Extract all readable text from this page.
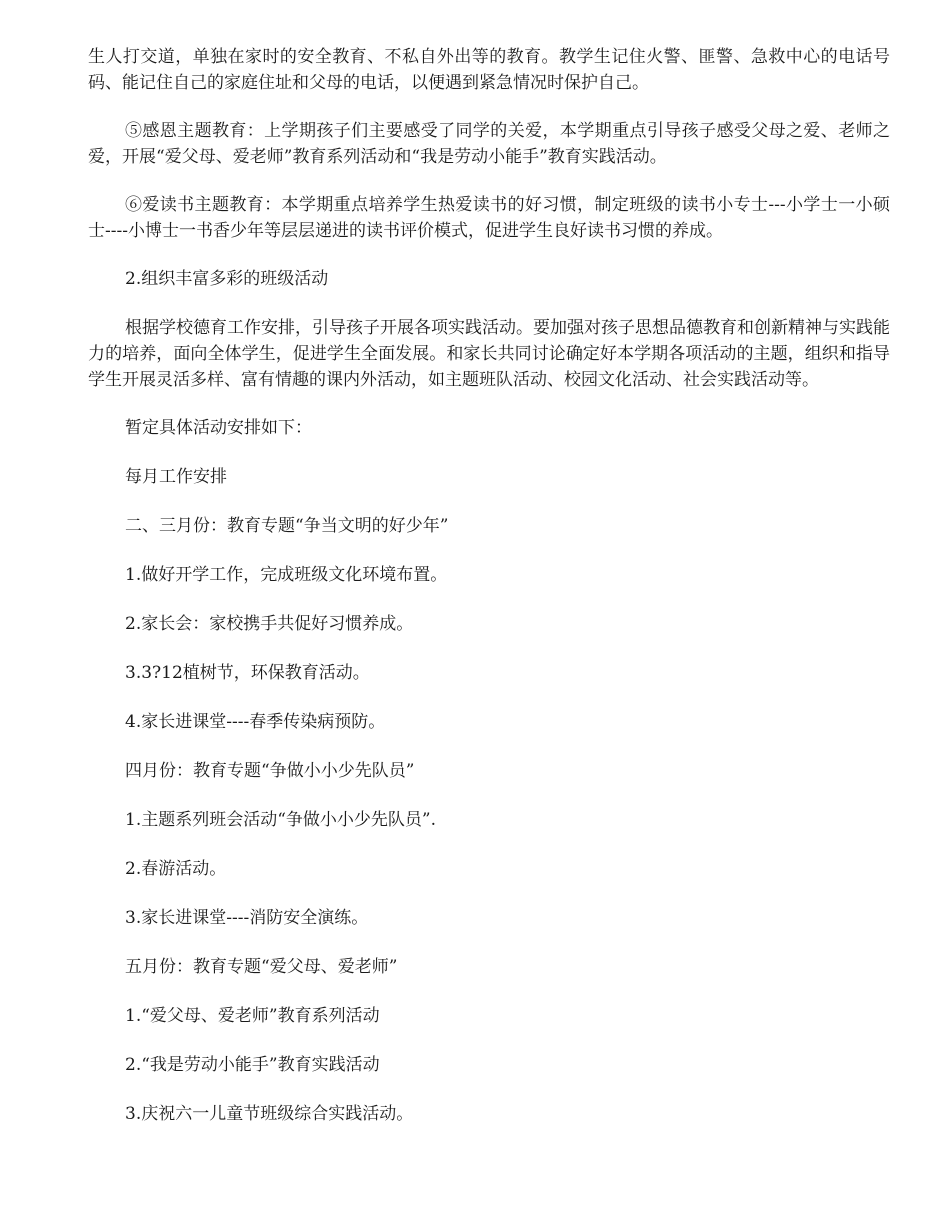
生人打交道，单独在家时的安全教育、不私自外出等的教育。教学生记住火警、匪警、急救中心的电话号码、能记住自己的家庭住址和父母的电话，以便遇到紧急情况时保护自己。

⑤感恩主题教育：上学期孩子们主要感受了同学的关爱，本学期重点引导孩子感受父母之爱、老师之爱，开展“爱父母、爱老师”教育系列活动和“我是劳动小能手”教育实践活动。

⑥爱读书主题教育：本学期重点培养学生热爱读书的好习惯，制定班级的读书小专士---小学士一小硕士----小博士一书香少年等层层递进的读书评价模式，促进学生良好读书习惯的养成。

2.组织丰富多彩的班级活动

根据学校德育工作安排，引导孩子开展各项实践活动。要加强对孩子思想品德教育和创新精神与实践能力的培养，面向全体学生，促进学生全面发展。和家长共同讨论确定好本学期各项活动的主题，组织和指导学生开展灵活多样、富有情趣的课内外活动，如主题班队活动、校园文化活动、社会实践活动等。

暂定具体活动安排如下：

每月工作安排

二、三月份：教育专题“争当文明的好少年”

1.做好开学工作，完成班级文化环境布置。

2.家长会：家校携手共促好习惯养成。

3.3?12植树节，环保教育活动。

4.家长进课堂----春季传染病预防。

四月份：教育专题“争做小小少先队员”

1.主题系列班会活动“争做小小少先队员”.

2.春游活动。

3.家长进课堂----消防安全演练。

五月份：教育专题“爱父母、爱老师”

1.“爱父母、爱老师”教育系列活动

2.“我是劳动小能手”教育实践活动

3.庆祝六一儿童节班级综合实践活动。
